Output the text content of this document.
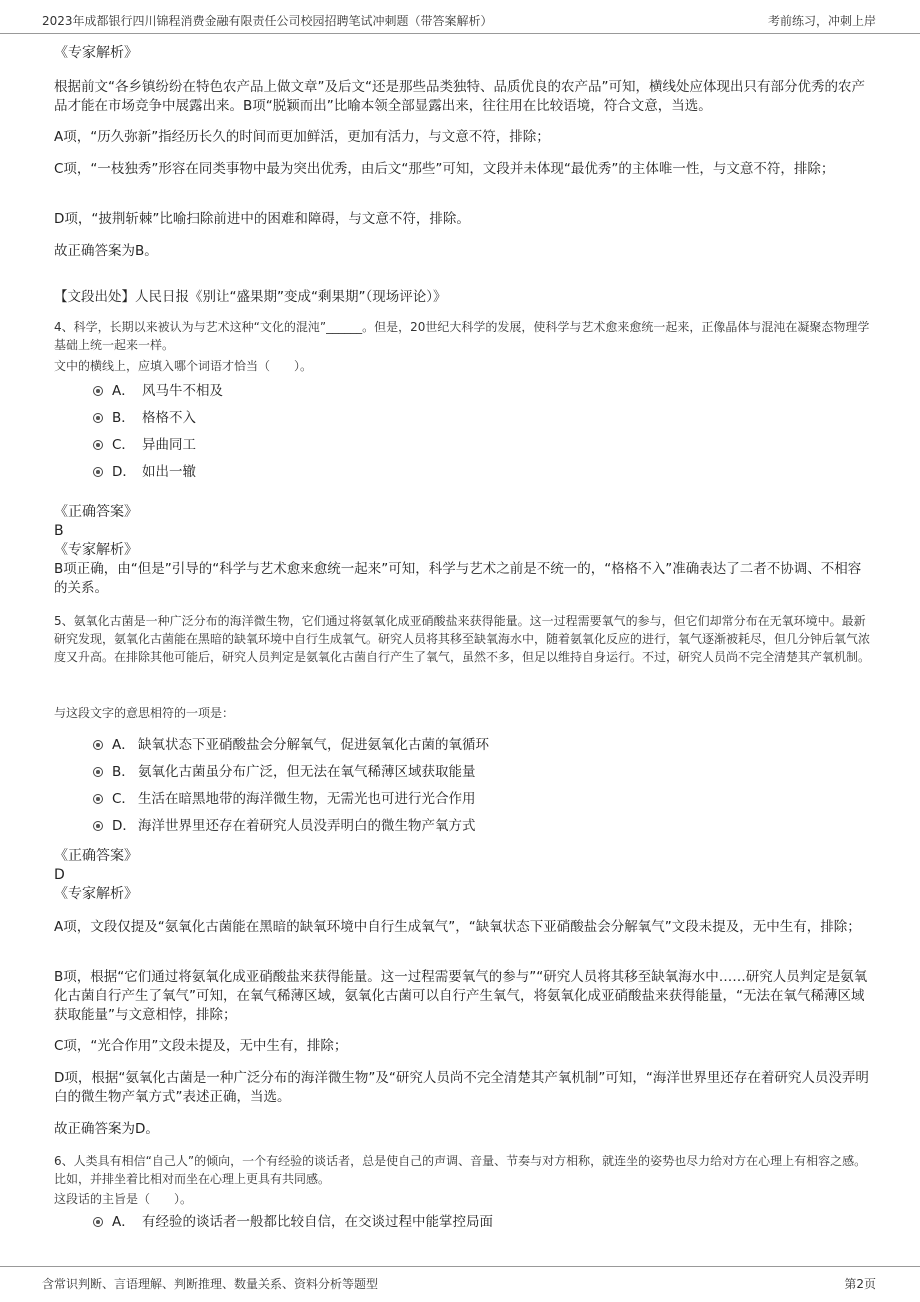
2023年成都银行四川锦程消费金融有限责任公司校园招聘笔试冲刺题（带答案解析）	考前练习，冲刺上岸
《专家解析》

根据前文“各乡镇纷纷在特色农产品上做文章”及后文“还是那些品类独特、品质优良的农产品”可知，横线处应体现出只有部分优秀的农产品才能在市场竞争中展露出来。B项“脱颖而出”比喻本领全部显露出来，往往用在比较语境，符合文意，当选。

A项，“历久弥新”指经历长久的时间而更加鲜活，更加有活力，与文意不符，排除；

C项，“一枝独秀”形容在同类事物中最为突出优秀，由后文“那些”可知，文段并未体现“最优秀”的主体唯一性，与文意不符，排除；

D项，“披荆斩棘”比喻扫除前进中的困难和障碍，与文意不符，排除。

故正确答案为B。

【文段出处】人民日报《别让“盛果期”变成“剩果期”（现场评论）》

4、科学，长期以来被认为与艺术这种“文化的混沌”______。但是，20世纪大科学的发展，使科学与艺术愈来愈统一起来，正像晶体与混沌在凝聚态物理学基础上统一起来一样。

文中的横线上，应填入哪个词语才恰当（　　）。

A． 风马牛不相及
B． 格格不入
C． 异曲同工
D． 如出一辙
《正确答案》
B
《专家解析》

B项正确，由“但是”引导的“科学与艺术愈来愈统一起来”可知，科学与艺术之前是不统一的，“格格不入”准确表达了二者不协调、不相容的关系。

5、氨氧化古菌是一种广泛分布的海洋微生物，它们通过将氨氧化成亚硝酸盐来获得能量。这一过程需要氧气的参与，但它们却常分布在无氧环境中。最新研究发现，氨氧化古菌能在黑暗的缺氧环境中自行生成氧气。研究人员将其移至缺氧海水中，随着氨氧化反应的进行，氧气逐渐被耗尽，但几分钟后氧气浓度又升高。在排除其他可能后，研究人员判定是氨氧化古菌自行产生了氧气，虽然不多，但足以维持自身运行。不过，研究人员尚不完全清楚其产氧机制。

与这段文字的意思相符的一项是：

A． 缺氧状态下亚硝酸盐会分解氧气，促进氨氧化古菌的氧循环
B． 氨氧化古菌虽分布广泛，但无法在氧气稀薄区域获取能量
C． 生活在暗黑地带的海洋微生物，无需光也可进行光合作用
D． 海洋世界里还存在着研究人员没弄明白的微生物产氧方式
《正确答案》
D
《专家解析》

A项，文段仅提及“氨氧化古菌能在黑暗的缺氧环境中自行生成氧气”，“缺氧状态下亚硝酸盐会分解氧气”文段未提及，无中生有，排除；

B项，根据“它们通过将氨氧化成亚硝酸盐来获得能量。这一过程需要氧气的参与”“研究人员将其移至缺氧海水中……研究人员判定是氨氧化古菌自行产生了氧气”可知，在氧气稀薄区域，氨氧化古菌可以自行产生氧气，将氨氧化成亚硝酸盐来获得能量，“无法在氧气稀薄区域获取能量”与文意相悖，排除；

C项，“光合作用”文段未提及，无中生有，排除；

D项，根据“氨氧化古菌是一种广泛分布的海洋微生物”及“研究人员尚不完全清楚其产氧机制”可知，“海洋世界里还存在着研究人员没弄明白的微生物产氧方式”表述正确，当选。

故正确答案为D。

6、人类具有相信“自己人”的倾向，一个有经验的谈话者，总是使自己的声调、音量、节奏与对方相称，就连坐的姿势也尽力给对方在心理上有相容之感。比如，并排坐着比相对而坐在心理上更具有共同感。

这段话的主旨是（　　）。

A． 有经验的谈话者一般都比较自信，在交谈过程中能掌控局面
含常识判断、言语理解、判断推理、数量关系、资料分析等题型	第2页
